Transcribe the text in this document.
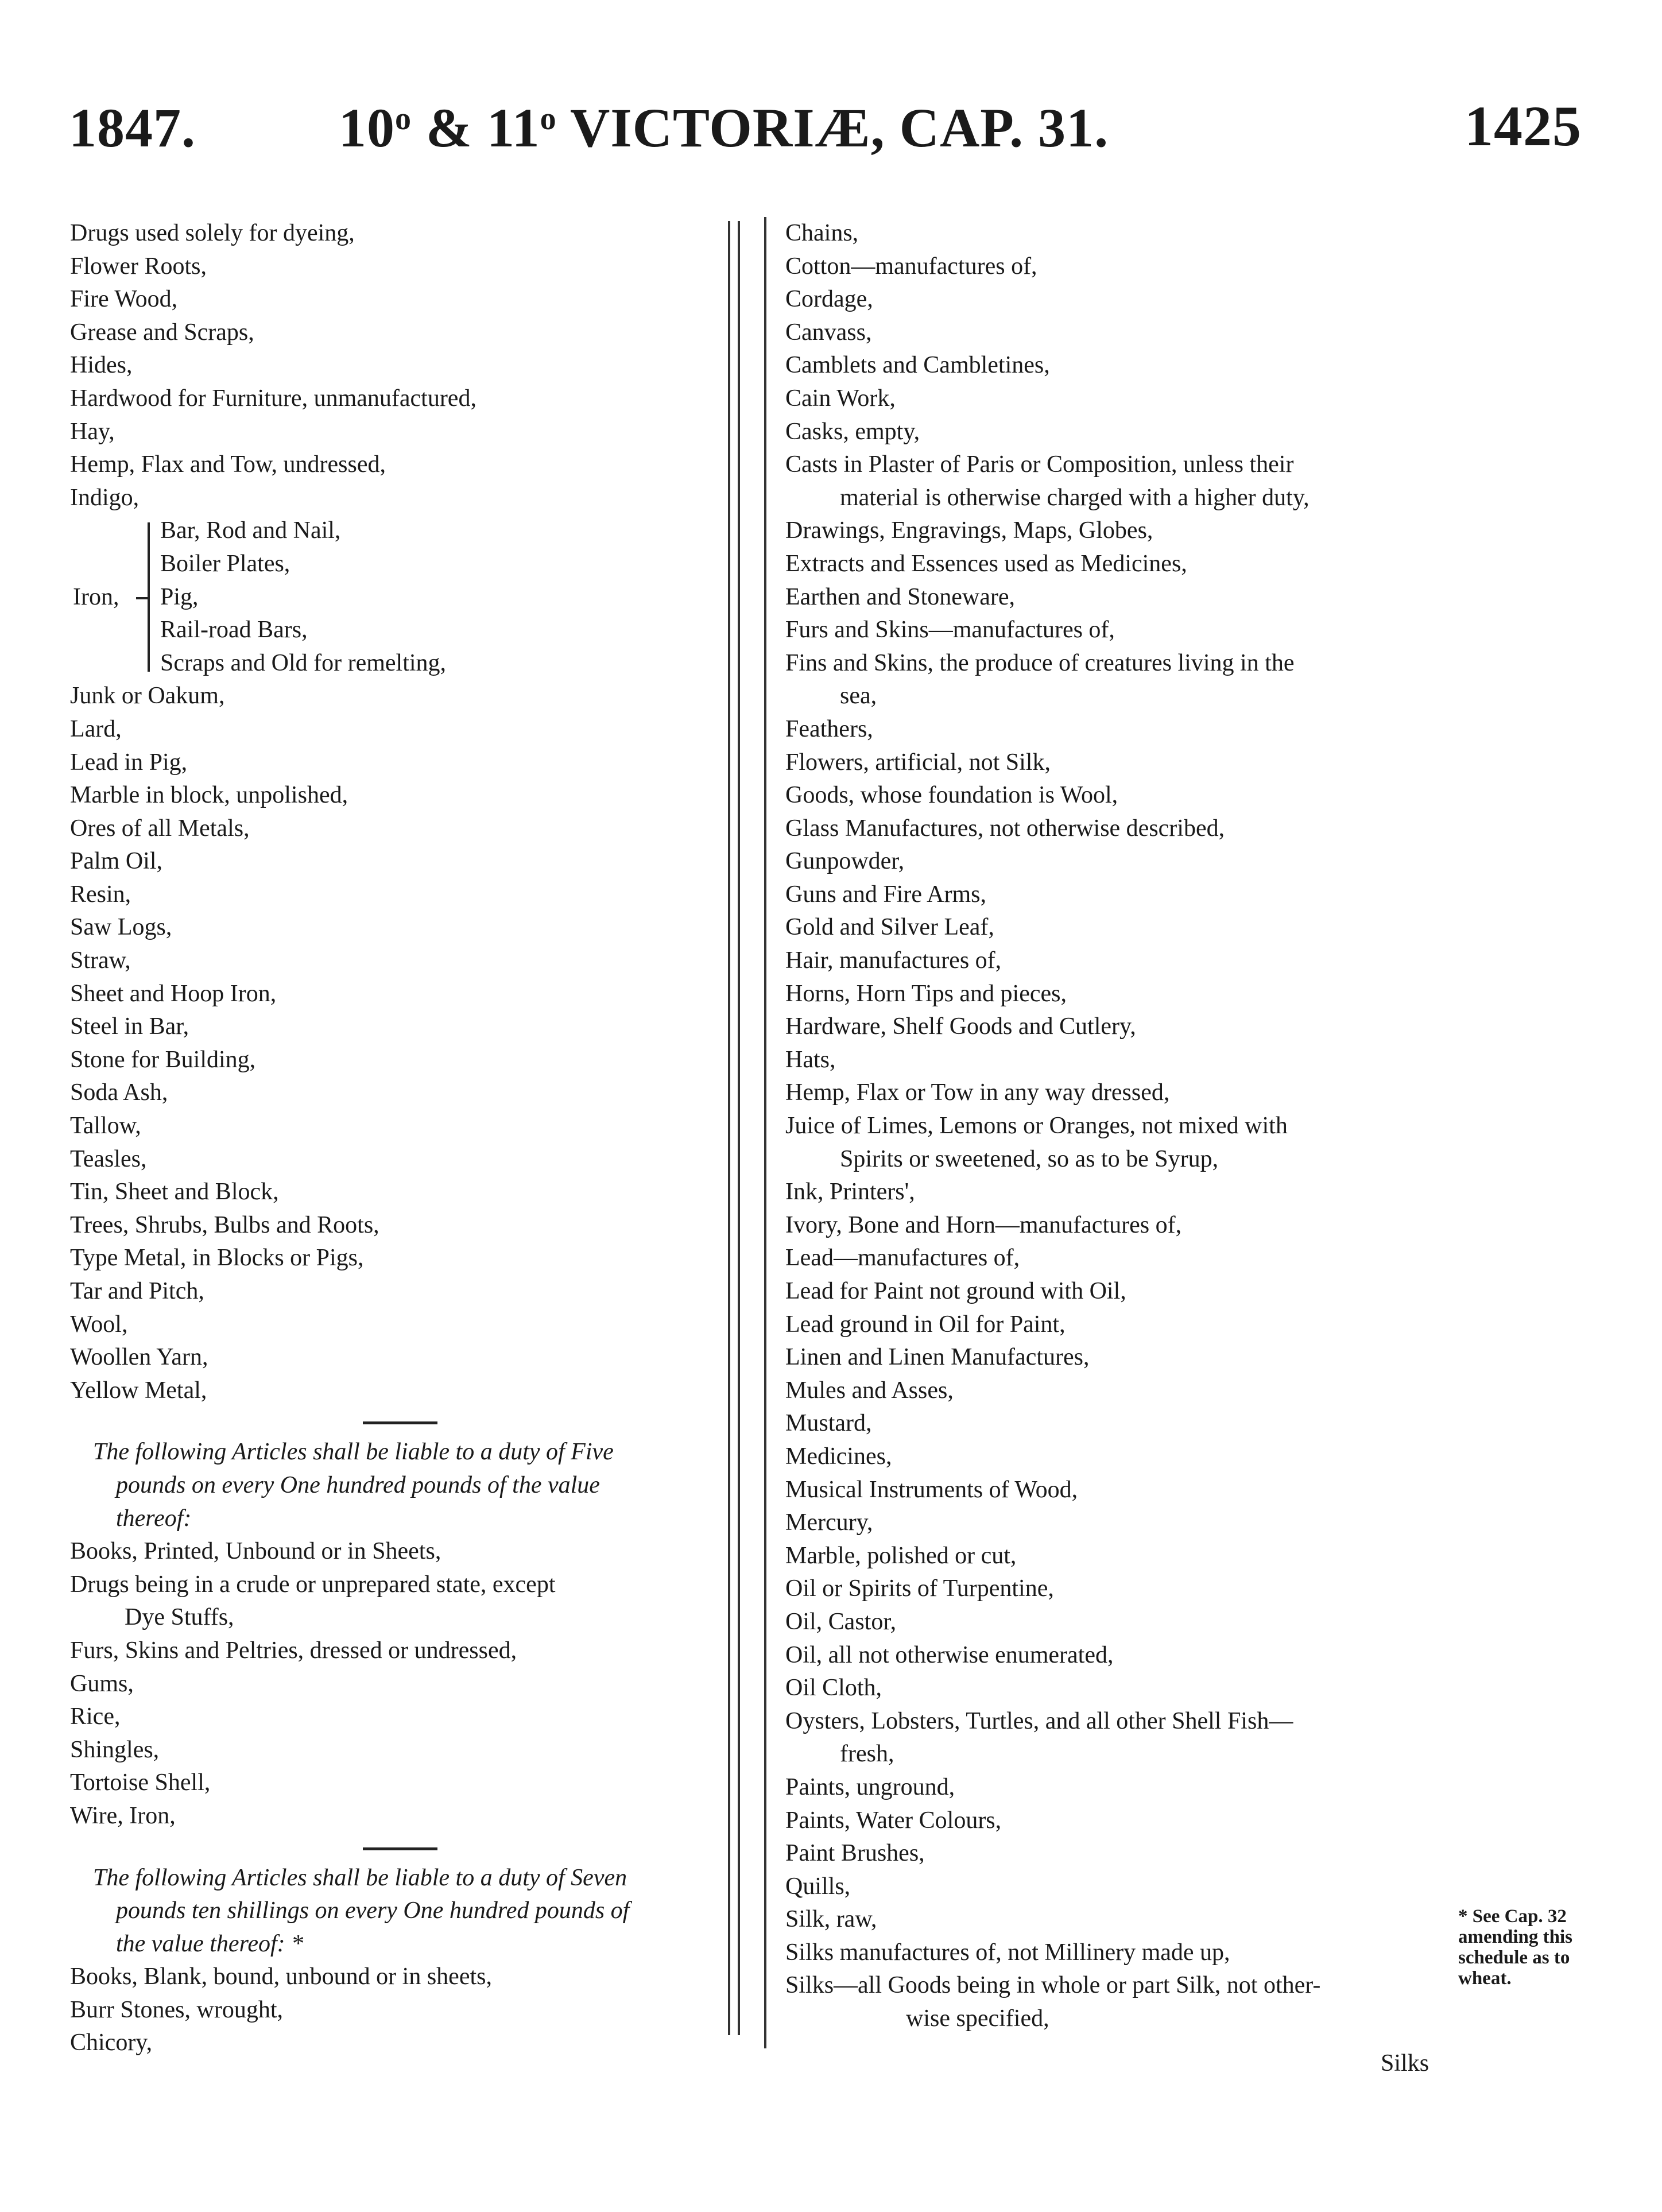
1847.	10$^o$ & 11$^o$ VICTORIÆ, CAP. 31.	1425
Drugs used solely for dyeing,
Flower Roots,
Fire Wood,
Grease and Scraps,
Hides,
Hardwood for Furniture, unmanufactured,
Hay,
Hemp, Flax and Tow, undressed,
Indigo,
Iron,
Bar, Rod and Nail,
Boiler Plates,
Pig,
Rail-road Bars,
Scraps and Old for remelting,
Junk or Oakum,
Lard,
Lead in Pig,
Marble in block, unpolished,
Ores of all Metals,
Palm Oil,
Resin,
Saw Logs,
Straw,
Sheet and Hoop Iron,
Steel in Bar,
Stone for Building,
Soda Ash,
Tallow,
Teasles,
Tin, Sheet and Block,
Trees, Shrubs, Bulbs and Roots,
Type Metal, in Blocks or Pigs,
Tar and Pitch,
Wool,
Woollen Yarn,
Yellow Metal,
The following Articles shall be liable to a duty of Five
pounds on every One hundred pounds of the value
thereof:
Books, Printed, Unbound or in Sheets,
Drugs being in a crude or unprepared state, except
Dye Stuffs,
Furs, Skins and Peltries, dressed or undressed,
Gums,
Rice,
Shingles,
Tortoise Shell,
Wire, Iron,
The following Articles shall be liable to a duty of Seven
pounds ten shillings on every One hundred pounds of
the value thereof: *
Books, Blank, bound, unbound or in sheets,
Burr Stones, wrought,
Chicory,
Chains,
Cotton—manufactures of,
Cordage,
Canvass,
Camblets and Cambletines,
Cain Work,
Casks, empty,
Casts in Plaster of Paris or Composition, unless their
material is otherwise charged with a higher duty,
Drawings, Engravings, Maps, Globes,
Extracts and Essences used as Medicines,
Earthen and Stoneware,
Furs and Skins—manufactures of,
Fins and Skins, the produce of creatures living in the
sea,
Feathers,
Flowers, artificial, not Silk,
Goods, whose foundation is Wool,
Glass Manufactures, not otherwise described,
Gunpowder,
Guns and Fire Arms,
Gold and Silver Leaf,
Hair, manufactures of,
Horns, Horn Tips and pieces,
Hardware, Shelf Goods and Cutlery,
Hats,
Hemp, Flax or Tow in any way dressed,
Juice of Limes, Lemons or Oranges, not mixed with
Spirits or sweetened, so as to be Syrup,
Ink, Printers',
Ivory, Bone and Horn—manufactures of,
Lead—manufactures of,
Lead for Paint not ground with Oil,
Lead ground in Oil for Paint,
Linen and Linen Manufactures,
Mules and Asses,
Mustard,
Medicines,
Musical Instruments of Wood,
Mercury,
Marble, polished or cut,
Oil or Spirits of Turpentine,
Oil, Castor,
Oil, all not otherwise enumerated,
Oil Cloth,
Oysters, Lobsters, Turtles, and all other Shell Fish—
fresh,
Paints, unground,
Paints, Water Colours,
Paint Brushes,
Quills,
Silk, raw,
Silks manufactures of, not Millinery made up,
Silks—all Goods being in whole or part Silk, not other-
wise specified,
* See Cap. 32
amending this
schedule as to
wheat.
Silks
